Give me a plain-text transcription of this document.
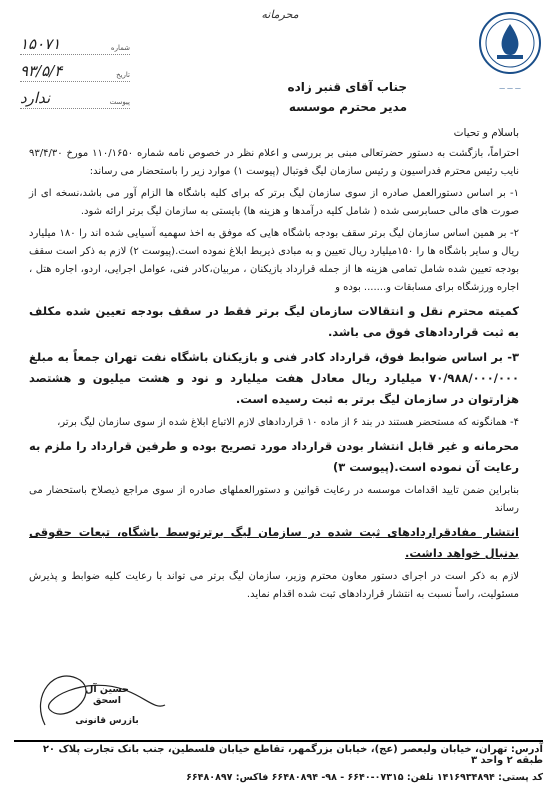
محرمانه
شماره
۱۵۰۷۱
تاریخ
۹۳/۵/۴
پیوست
ندارد
— — —
جناب آقای قنبر زاده
مدیر محترم موسسه

باسلام و تحیات

احتراماً، بازگشت به دستور حضرتعالی مبنی بر بررسی و اعلام نظر در خصوص نامه شماره ۱۱۰/۱۶۵۰ مورخ ۹۳/۴/۳۰ نایب رئیس محترم فدراسیون و رئیس سازمان لیگ فوتبال (پیوست ۱) موارد زیر را باستحضار می رساند:

۱- بر اساس دستورالعمل صادره از سوی سازمان لیگ برتر که برای کلیه باشگاه ها الزام آور می باشد،نسخه ای از صورت های مالی حسابرسی شده ( شامل کلیه درآمدها و هزینه ها) بایستی به سازمان لیگ برتر ارائه شود.

۲- بر همین اساس سازمان لیگ برتر سقف بودجه باشگاه هایی که موفق به اخذ سهمیه آسیایی شده اند را ۱۸۰ میلیارد ریال و سایر باشگاه ها را ۱۵۰میلیارد ریال تعیین و به مبادی ذیربط ابلاغ نموده است.(پیوست ۲) لازم به ذکر است سقف بودجه تعیین شده شامل تمامی هزینه ها از جمله قرارداد بازیکنان ، مربیان،کادر فنی، عوامل اجرایی، اردو، اجاره هتل ، اجاره ورزشگاه برای مسابقات و....... بوده و

کمیته محترم نقل و انتقالات سازمان لیگ برتر فقط در سقف بودجه تعیین شده مکلف به ثبت قراردادهای فوق می باشد.

۳- بر اساس ضوابط فوق، قرارداد کادر فنی و بازیکنان باشگاه نفت تهران جمعاً به مبلغ ۷۰/۹۸۸/۰۰۰/۰۰۰ میلیارد ریال معادل هفت میلیارد و نود و هشت میلیون و هشتصد هزارتوان در سازمان لیگ برتر به ثبت رسیده است.

۴- همانگونه که مستحضر هستند در بند ۶ از ماده ۱۰ قراردادهای لازم الاتباع ابلاغ شده از سوی سازمان لیگ برتر،

محرمانه و غیر قابل انتشار بودن قرارداد مورد تصریح بوده و طرفین قرارداد را ملزم به رعایت آن نموده است.(پیوست ۳)

بنابراین ضمن تایید اقدامات موسسه در رعایت قوانین و دستورالعملهای صادره از سوی مراجع ذیصلاح باستحضار می رساند

انتشار مفادقراردادهای ثبت شده در سازمان لیگ برترتوسط باشگاه، تبعات حقوقی بدنبال خواهد داشت.

لازم به ذکر است در اجرای دستور معاون محترم وزیر، سازمان لیگ برتر می تواند با رعایت کلیه ضوابط و پذیرش مسئولیت، راساً نسبت به انتشار قراردادهای ثبت شده اقدام نماید.

حسین آل اسحق
بازرس قانونی
آدرس: تهران، خیابان ولیعصر (عج)، خیابان بزرگمهر، تقاطع خیابان فلسطین، جنب بانک تجارت پلاک ۲۰ طبقه ۲ واحد ۳
کد پستی: ۱۴۱۶۹۳۴۸۹۴ تلفن: ۰۷۳۱۵-۶۶۴۰ - ۹۸- ۶۶۴۸۰۸۹۴ فاکس: ۶۶۴۸۰۸۹۷
